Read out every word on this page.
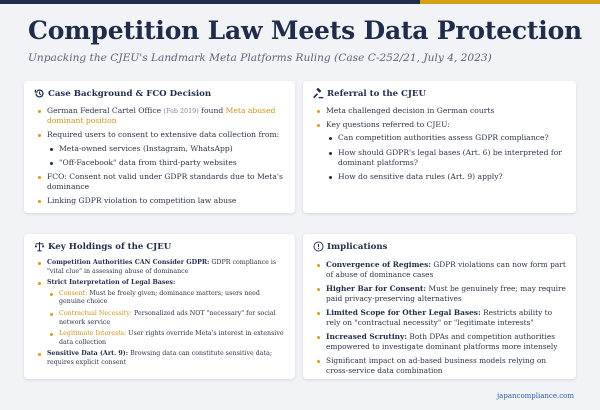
Competition Law Meets Data Protection
Unpacking the CJEU's Landmark Meta Platforms Ruling (Case C-252/21, July 4, 2023)
Case Background & FCO Decision
German Federal Cartel Office (Feb 2019) found Meta abused dominant position
Required users to consent to extensive data collection from:
Meta-owned services (Instagram, WhatsApp)
"Off-Facebook" data from third-party websites
FCO: Consent not valid under GDPR standards due to Meta's dominance
Linking GDPR violation to competition law abuse
Referral to the CJEU
Meta challenged decision in German courts
Key questions referred to CJEU:
Can competition authorities assess GDPR compliance?
How should GDPR's legal bases (Art. 6) be interpreted for dominant platforms?
How do sensitive data rules (Art. 9) apply?
Key Holdings of the CJEU
Competition Authorities CAN Consider GDPR: GDPR compliance is "vital clue" in assessing abuse of dominance
Strict Interpretation of Legal Bases:
Consent: Must be freely given; dominance matters; users need genuine choice
Contractual Necessity: Personalized ads NOT "necessary" for social network service
Legitimate Interests: User rights override Meta's interest in extensive data collection
Sensitive Data (Art. 9): Browsing data can constitute sensitive data; requires explicit consent
Implications
Convergence of Regimes: GDPR violations can now form part of abuse of dominance cases
Higher Bar for Consent: Must be genuinely free; may require paid privacy-preserving alternatives
Limited Scope for Other Legal Bases: Restricts ability to rely on "contractual necessity" or "legitimate interests"
Increased Scrutiny: Both DPAs and competition authorities empowered to investigate dominant platforms more intensely
Significant impact on ad-based business models relying on cross-service data combination
japancompliance.com
